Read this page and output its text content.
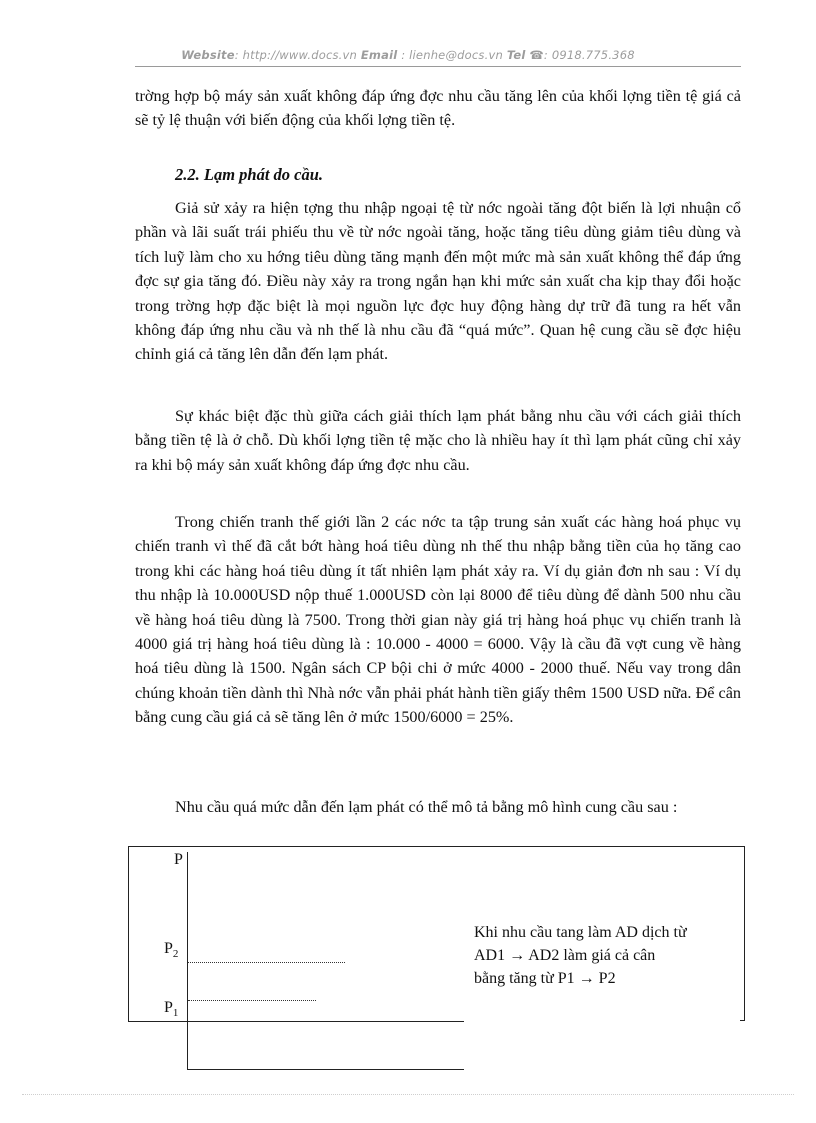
Website: http://www.docs.vn Email : lienhe@docs.vn Tel ☎: 0918.775.368

trờng hợp bộ máy sản xuất không đáp ứng đợc nhu cầu tăng lên của khối lợng tiền tệ giá cả sẽ tỷ lệ thuận với biến động của khối lợng tiền tệ.

2.2. Lạm phát do cầu.

Giả sử xảy ra hiện tợng thu nhập ngoại tệ từ nớc ngoài tăng đột biến là lợi nhuận cổ phần và lãi suất trái phiếu thu về từ nớc ngoài tăng, hoặc tăng tiêu dùng giảm tiêu dùng và tích luỹ làm cho xu hớng tiêu dùng tăng mạnh đến một mức mà sản xuất không thể đáp ứng đợc sự gia tăng đó. Điều này xảy ra trong ngắn hạn khi mức sản xuất cha kịp thay đổi hoặc trong trờng hợp đặc biệt là mọi nguồn lực đợc huy động hàng dự trữ đã tung ra hết vẫn không đáp ứng nhu cầu và nh thế là nhu cầu đã “quá mức”. Quan hệ cung cầu sẽ đợc hiệu chỉnh giá cả tăng lên dẫn đến lạm phát.

Sự khác biệt đặc thù giữa cách giải thích lạm phát bằng nhu cầu với cách giải thích bằng tiền tệ là ở chỗ. Dù khối lợng tiền tệ mặc cho là nhiều hay ít thì lạm phát cũng chỉ xảy ra khi bộ máy sản xuất không đáp ứng đợc nhu cầu.

Trong chiến tranh thế giới lần 2 các nớc ta tập trung sản xuất các hàng hoá phục vụ chiến tranh vì thế đã cắt bớt hàng hoá tiêu dùng nh thế thu nhập bằng tiền của họ tăng cao trong khi các hàng hoá tiêu dùng ít tất nhiên lạm phát xảy ra. Ví dụ giản đơn nh sau : Ví dụ thu nhập là 10.000USD nộp thuế 1.000USD còn lại 8000 để tiêu dùng để dành 500 nhu cầu về hàng hoá tiêu dùng là 7500. Trong thời gian này giá trị hàng hoá phục vụ chiến tranh là 4000 giá trị hàng hoá tiêu dùng là : 10.000 - 4000 = 6000. Vậy là cầu đã vợt cung về hàng hoá tiêu dùng là 1500. Ngân sách CP bội chi ở mức 4000 - 2000 thuế. Nếu vay trong dân chúng khoản tiền dành thì Nhà nớc vẫn phải phát hành tiền giấy thêm 1500 USD nữa. Để cân bằng cung cầu giá cả sẽ tăng lên ở mức 1500/6000 = 25%.

Nhu cầu quá mức dẫn đến lạm phát có thể mô tả bằng mô hình cung cầu sau :

P
$P_2$
$P_1$
Khi nhu cầu tang làm AD dịch từ
AD1 → AD2 làm giá cả cân
bằng tăng từ P1 → P2
